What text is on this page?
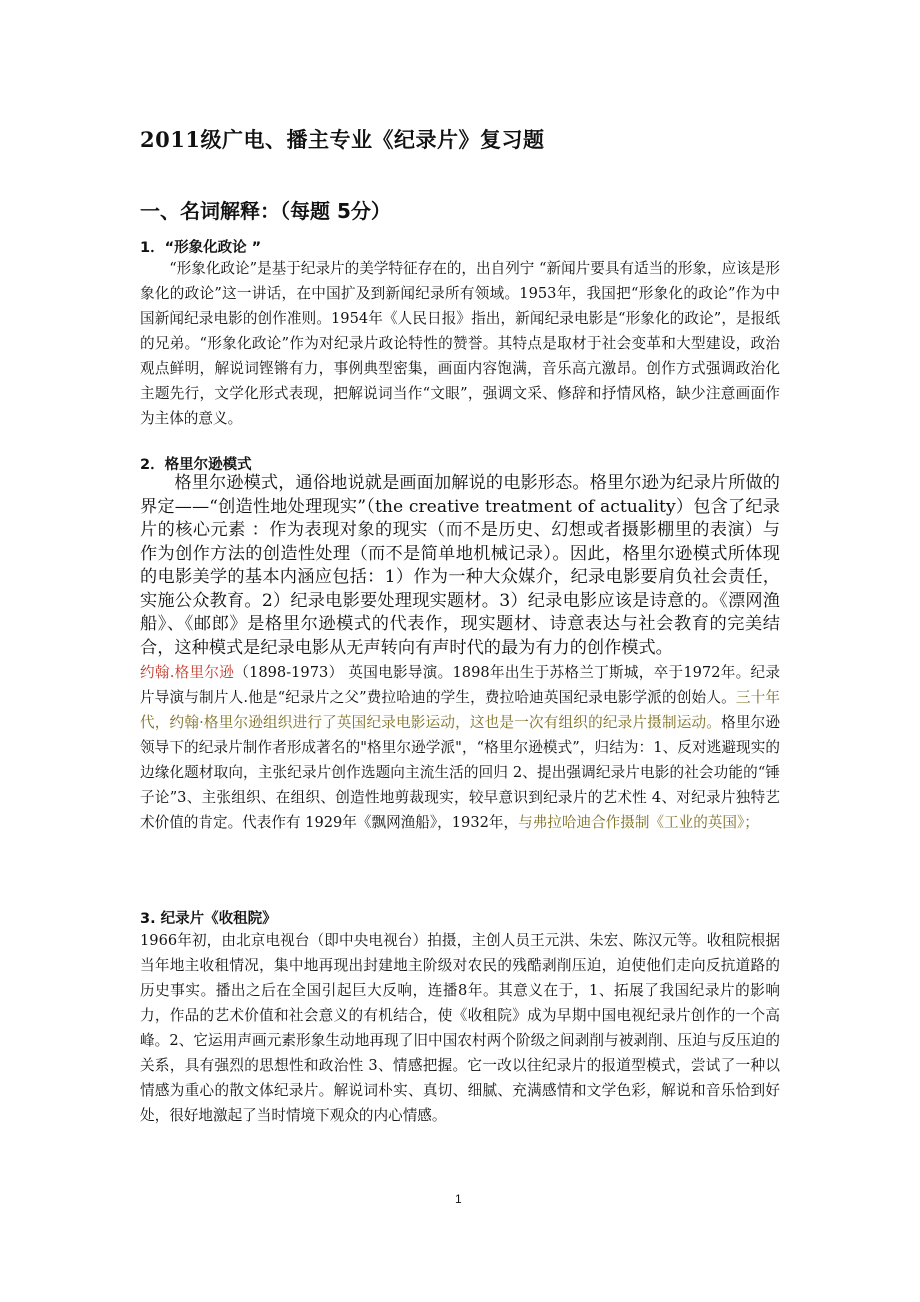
2011级广电、播主专业《纪录片》复习题
一、名词解释：（每题 5分）
1．“形象化政论 ”

“形象化政论”是基于纪录片的美学特征存在的，出自列宁 “新闻片要具有适当的形象，应该是形象化的政论”这一讲话，在中国扩及到新闻纪录所有领域。1953年，我国把“形象化的政论”作为中国新闻纪录电影的创作准则。1954年《人民日报》指出，新闻纪录电影是“形象化的政论”，是报纸的兄弟。“形象化政论”作为对纪录片政论特性的赞誉。其特点是取材于社会变革和大型建设，政治观点鲜明，解说词铿锵有力，事例典型密集，画面内容饱满，音乐高亢激昂。创作方式强调政治化主题先行，文学化形式表现，把解说词当作“文眼”，强调文采、修辞和抒情风格，缺少注意画面作为主体的意义。

2．格里尔逊模式

格里尔逊模式，通俗地说就是画面加解说的电影形态。格里尔逊为纪录片所做的界定——“创造性地处理现实”（the creative treatment of actuality）包含了纪录片的核心元素 ：作为表现对象的现实（而不是历史、幻想或者摄影棚里的表演）与作为创作方法的创造性处理（而不是简单地机械记录）。因此，格里尔逊模式所体现的电影美学的基本内涵应包括：1）作为一种大众媒介，纪录电影要肩负社会责任，实施公众教育。2）纪录电影要处理现实题材。3）纪录电影应该是诗意的。《漂网渔船》、《邮郎》是格里尔逊模式的代表作，现实题材、诗意表达与社会教育的完美结合，这种模式是纪录电影从无声转向有声时代的最为有力的创作模式。

约翰.格里尔逊（1898-1973） 英国电影导演。1898年出生于苏格兰丁斯城，卒于1972年。纪录片导演与制片人.他是“纪录片之父”费拉哈迪的学生，费拉哈迪英国纪录电影学派的创始人。三十年代，约翰·格里尔逊组织进行了英国纪录电影运动，这也是一次有组织的纪录片摄制运动。格里尔逊领导下的纪录片制作者形成著名的"格里尔逊学派"，“格里尔逊模式”，归结为：1、反对逃避现实的边缘化题材取向，主张纪录片创作选题向主流生活的回归 2、提出强调纪录片电影的社会功能的“锤子论”3、主张组织、在组织、创造性地剪裁现实，较早意识到纪录片的艺术性 4、对纪录片独特艺术价值的肯定。代表作有 1929年《飘网渔船》，1932年，与弗拉哈迪合作摄制《工业的英国》；

3. 纪录片《收租院》

1966年初，由北京电视台（即中央电视台）拍摄，主创人员王元洪、朱宏、陈汉元等。收租院根据当年地主收租情况，集中地再现出封建地主阶级对农民的残酷剥削压迫，迫使他们走向反抗道路的历史事实。播出之后在全国引起巨大反响，连播8年。其意义在于，1、拓展了我国纪录片的影响力，作品的艺术价值和社会意义的有机结合，使《收租院》成为早期中国电视纪录片创作的一个高峰。2、它运用声画元素形象生动地再现了旧中国农村两个阶级之间剥削与被剥削、压迫与反压迫的关系，具有强烈的思想性和政治性 3、情感把握。它一改以往纪录片的报道型模式，尝试了一种以情感为重心的散文体纪录片。解说词朴实、真切、细腻、充满感情和文学色彩，解说和音乐恰到好处，很好地激起了当时情境下观众的内心情感。

1
